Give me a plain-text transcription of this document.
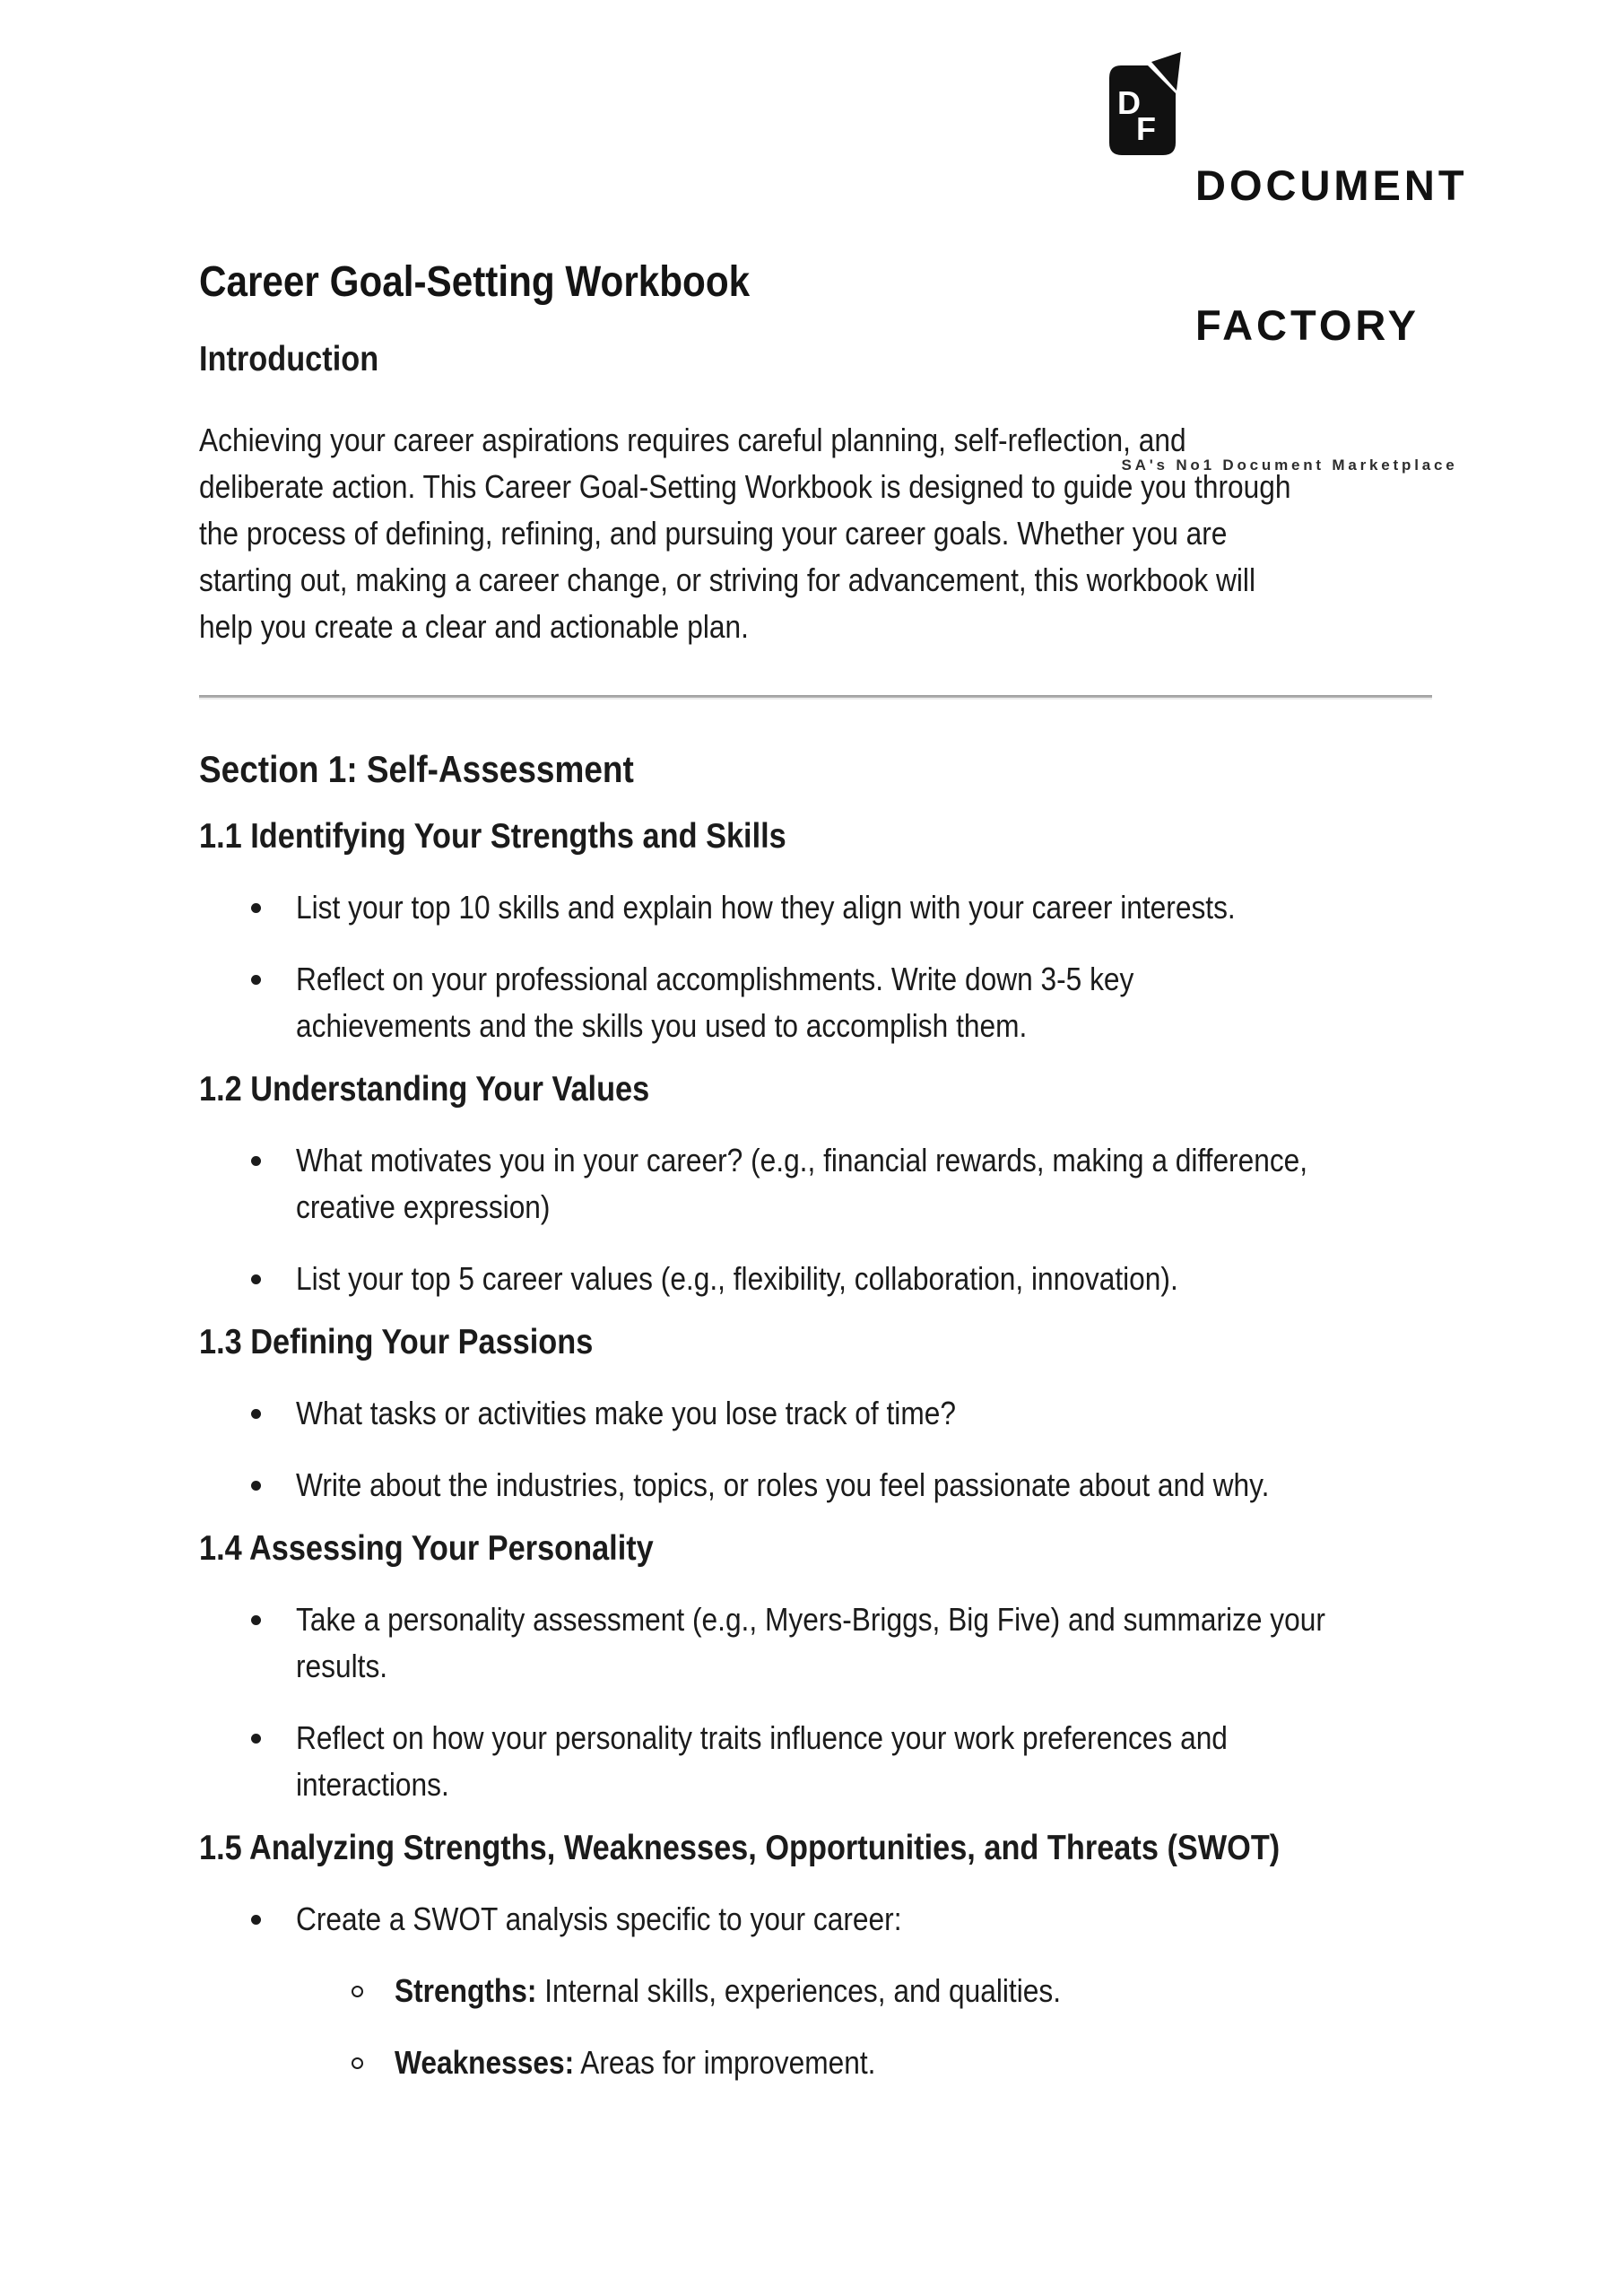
D
F

DOCUMENT

FACTORY

SA's No1 Document Marketplace
Career Goal-Setting Workbook
Introduction
Achieving your career aspirations requires careful planning, self-reflection, and
deliberate action. This Career Goal-Setting Workbook is designed to guide you through
the process of defining, refining, and pursuing your career goals. Whether you are
starting out, making a career change, or striving for advancement, this workbook will
help you create a clear and actionable plan.
Section 1: Self-Assessment
1.1 Identifying Your Strengths and Skills
List your top 10 skills and explain how they align with your career interests.
Reflect on your professional accomplishments. Write down 3-5 key
achievements and the skills you used to accomplish them.
1.2 Understanding Your Values
What motivates you in your career? (e.g., financial rewards, making a difference,
creative expression)
List your top 5 career values (e.g., flexibility, collaboration, innovation).
1.3 Defining Your Passions
What tasks or activities make you lose track of time?
Write about the industries, topics, or roles you feel passionate about and why.
1.4 Assessing Your Personality
Take a personality assessment (e.g., Myers-Briggs, Big Five) and summarize your
results.
Reflect on how your personality traits influence your work preferences and
interactions.
1.5 Analyzing Strengths, Weaknesses, Opportunities, and Threats (SWOT)
Create a SWOT analysis specific to your career:
Strengths: Internal skills, experiences, and qualities.
Weaknesses: Areas for improvement.
